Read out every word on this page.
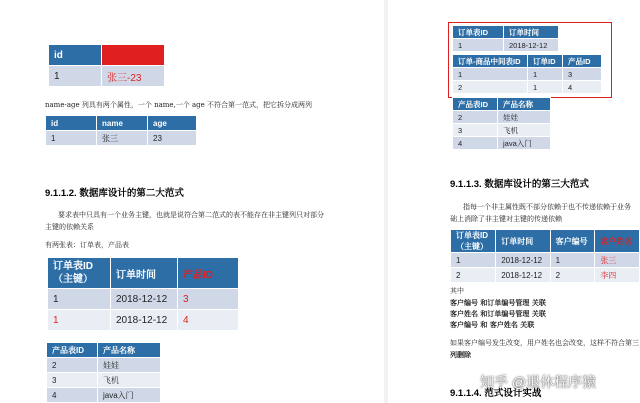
id	name-age
1	张三-23
name-age 列具有两个属性，一个 name,一个 age 不符合第一范式，把它拆分成两列
id	name	age
1	张三	23
9.1.1.2. 数据库设计的第二大范式
要求表中只具有一个业务主键，也就是说符合第二范式的表不能存在非主键列只对部分
主键的依赖关系
有两张表：订单表，产品表
订单表ID
（主键）	订单时间	产品ID
1	2018-12-12	3
1	2018-12-12	4
产品表ID	产品名称
2	娃娃
3	飞机
4	java入门
订单表ID	订单时间
1	2018-12-12
订单-商品中间表ID	订单ID	产品ID
1	1	3
2	1	4
产品表ID	产品名称
2	娃娃
3	飞机
4	java入门
9.1.1.3. 数据库设计的第三大范式
指每一个非主属性既不部分依赖于也不传递依赖于业务
础上消除了非主键对主键的传递依赖
订单表ID
（主键）	订单时间	客户编号	客户姓名
1	2018-12-12	1	张三
2	2018-12-12	2	李四
其中
客户编号 和订单编号管理 关联
客户姓名 和订单编号管理 关联
客户编号 和 客户姓名 关联
如果客户编号发生改变，用户姓名也会改变，这样不符合第三
列删除
9.1.1.4. 范式设计实战
知乎 @退休程序猿
